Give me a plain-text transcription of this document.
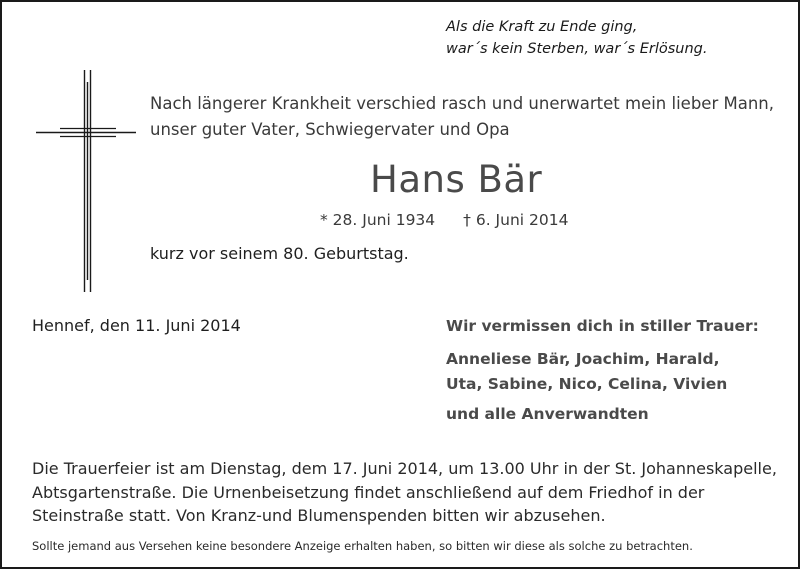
Als die Kraft zu Ende ging,
war´s kein Sterben, war´s Erlösung.
Nach längerer Krankheit verschied rasch und unerwartet mein lieber Mann,
unser guter Vater, Schwiegervater und Opa
Hans Bär
* 28. Juni 1934 † 6. Juni 2014
kurz vor seinem 80. Geburtstag.
Hennef, den 11. Juni 2014	Wir vermissen dich in stiller Trauer:
Anneliese Bär, Joachim, Harald,
Uta, Sabine, Nico, Celina, Vivien
und alle Anverwandten
Die Trauerfeier ist am Dienstag, dem 17. Juni 2014, um 13.00 Uhr in der St. Johanneskapelle,
Abtsgartenstraße. Die Urnenbeisetzung findet anschließend auf dem Friedhof in der
Steinstraße statt. Von Kranz-und Blumenspenden bitten wir abzusehen.
Sollte jemand aus Versehen keine besondere Anzeige erhalten haben, so bitten wir diese als solche zu betrachten.
